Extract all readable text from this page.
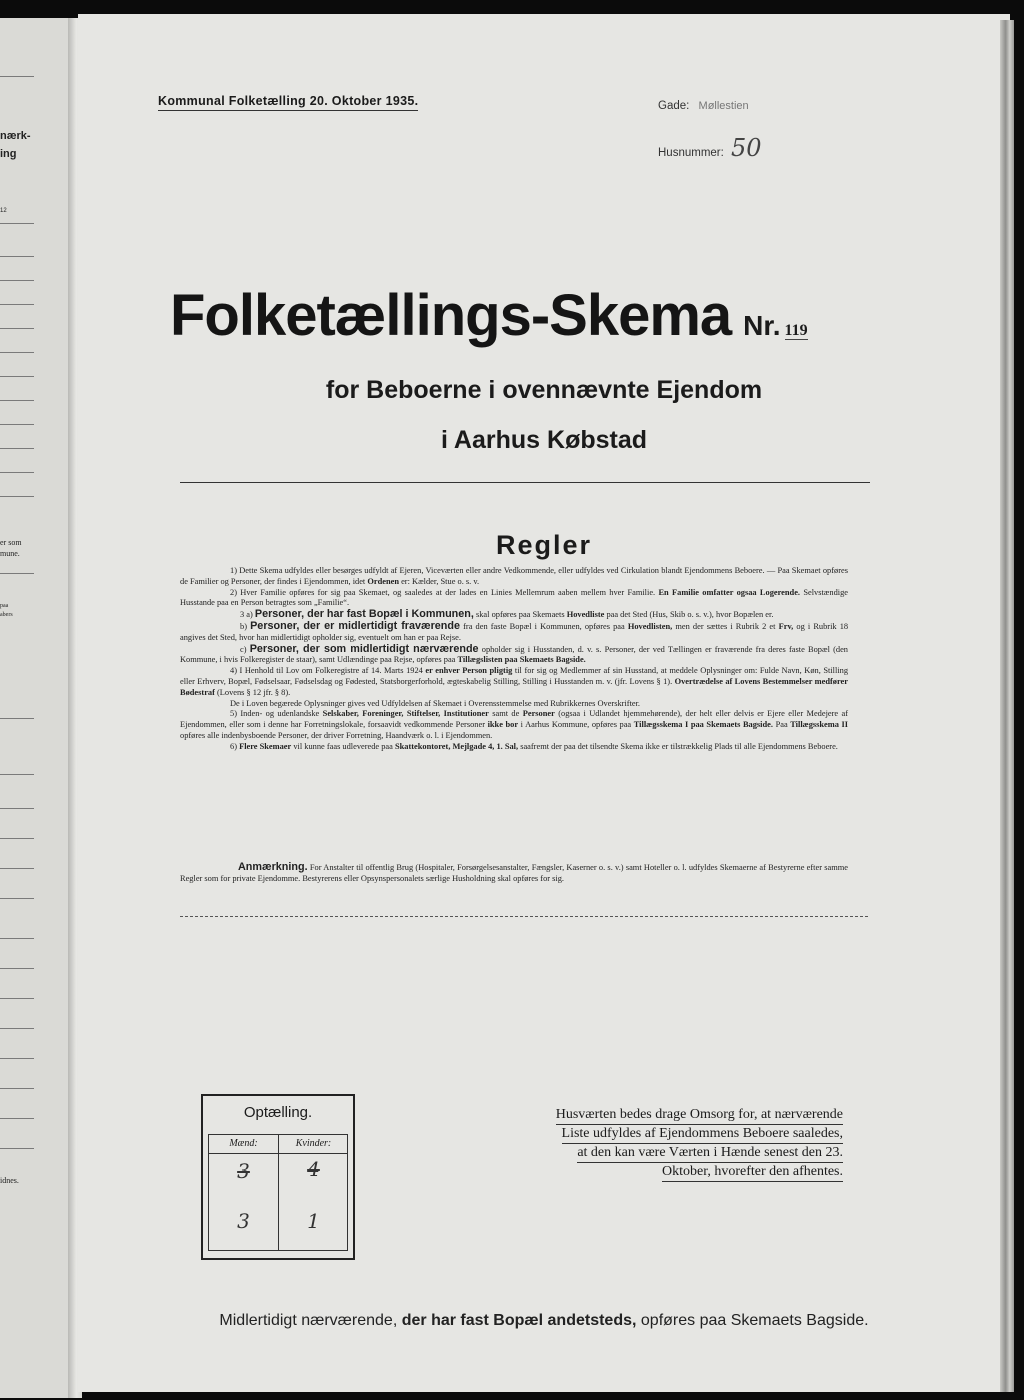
nærk-
ing
12
er som
mune.
paa
abers
idnes.
Kommunal Folketælling 20. Oktober 1935.	Gade: Møllestien
Husnummer: 50
Folketællings-Skema Nr. 119
for Beboerne i ovennævnte Ejendom
i Aarhus Købstad
Regler

1) Dette Skema udfyldes eller besørges udfyldt af Ejeren, Viceværten eller andre Vedkommende, eller udfyldes ved Cirkulation blandt Ejendommens Beboere. — Paa Skemaet opføres de Familier og Personer, der findes i Ejendommen, idet Ordenen er: Kælder, Stue o. s. v.

2) Hver Familie opføres for sig paa Skemaet, og saaledes at der lades en Linies Mellemrum aaben mellem hver Familie. En Familie omfatter ogsaa Logerende. Selvstændige Husstande paa en Person betragtes som „Familie“.

3 a) Personer, der har fast Bopæl i Kommunen, skal opføres paa Skemaets Hovedliste paa det Sted (Hus, Skib o. s. v.), hvor Bopælen er.

b) Personer, der er midlertidigt fraværende fra den faste Bopæl i Kommunen, opføres paa Hovedlisten, men der sættes i Rubrik 2 et Frv, og i Rubrik 18 angives det Sted, hvor han midlertidigt opholder sig, eventuelt om han er paa Rejse.

c) Personer, der som midlertidigt nærværende opholder sig i Husstanden, d. v. s. Personer, der ved Tællingen er fraværende fra deres faste Bopæl (den Kommune, i hvis Folkeregister de staar), samt Udlændinge paa Rejse, opføres paa Tillægslisten paa Skemaets Bagside.

4) I Henhold til Lov om Folkeregistre af 14. Marts 1924 er enhver Person pligtig til for sig og Medlemmer af sin Husstand, at meddele Oplysninger om: Fulde Navn, Køn, Stilling eller Erhverv, Bopæl, Fødselsaar, Fødselsdag og Fødested, Statsborgerforhold, ægteskabelig Stilling, Stilling i Husstanden m. v. (jfr. Lovens § 1). Overtrædelse af Lovens Bestemmelser medfører Bødestraf (Lovens § 12 jfr. § 8).

De i Loven begærede Oplysninger gives ved Udfyldelsen af Skemaet i Overensstemmelse med Rubrikkernes Overskrifter.

5) Inden- og udenlandske Selskaber, Foreninger, Stiftelser, Institutioner samt de Personer (ogsaa i Udlandet hjemmehørende), der helt eller delvis er Ejere eller Medejere af Ejendommen, eller som i denne har Forretningslokale, forsaavidt vedkommende Personer ikke bor i Aarhus Kommune, opføres paa Tillægsskema I paa Skemaets Bagside. Paa Tillægsskema II opføres alle indenbysboende Personer, der driver Forretning, Haandværk o. l. i Ejendommen.

6) Flere Skemaer vil kunne faas udleverede paa Skattekontoret, Mejlgade 4, 1. Sal, saafremt der paa det tilsendte Skema ikke er tilstrækkelig Plads til alle Ejendommens Beboere.

Anmærkning. For Anstalter til offentlig Brug (Hospitaler, Forsørgelsesanstalter, Fængsler, Kaserner o. s. v.) samt Hoteller o. l. udfyldes Skemaerne af Bestyrerne efter samme Regler som for private Ejendomme. Bestyrerens eller Opsynspersonalets særlige Husholdning skal opføres for sig.

Optælling.
Mænd:
3
3
Kvinder:
4
1
Husværten bedes drage Omsorg for, at nærværende
Liste udfyldes af Ejendommens Beboere saaledes,
at den kan være Værten i Hænde senest den 23.
Oktober, hvorefter den afhentes.
Midlertidigt nærværende, der har fast Bopæl andetsteds, opføres paa Skemaets Bagside.
